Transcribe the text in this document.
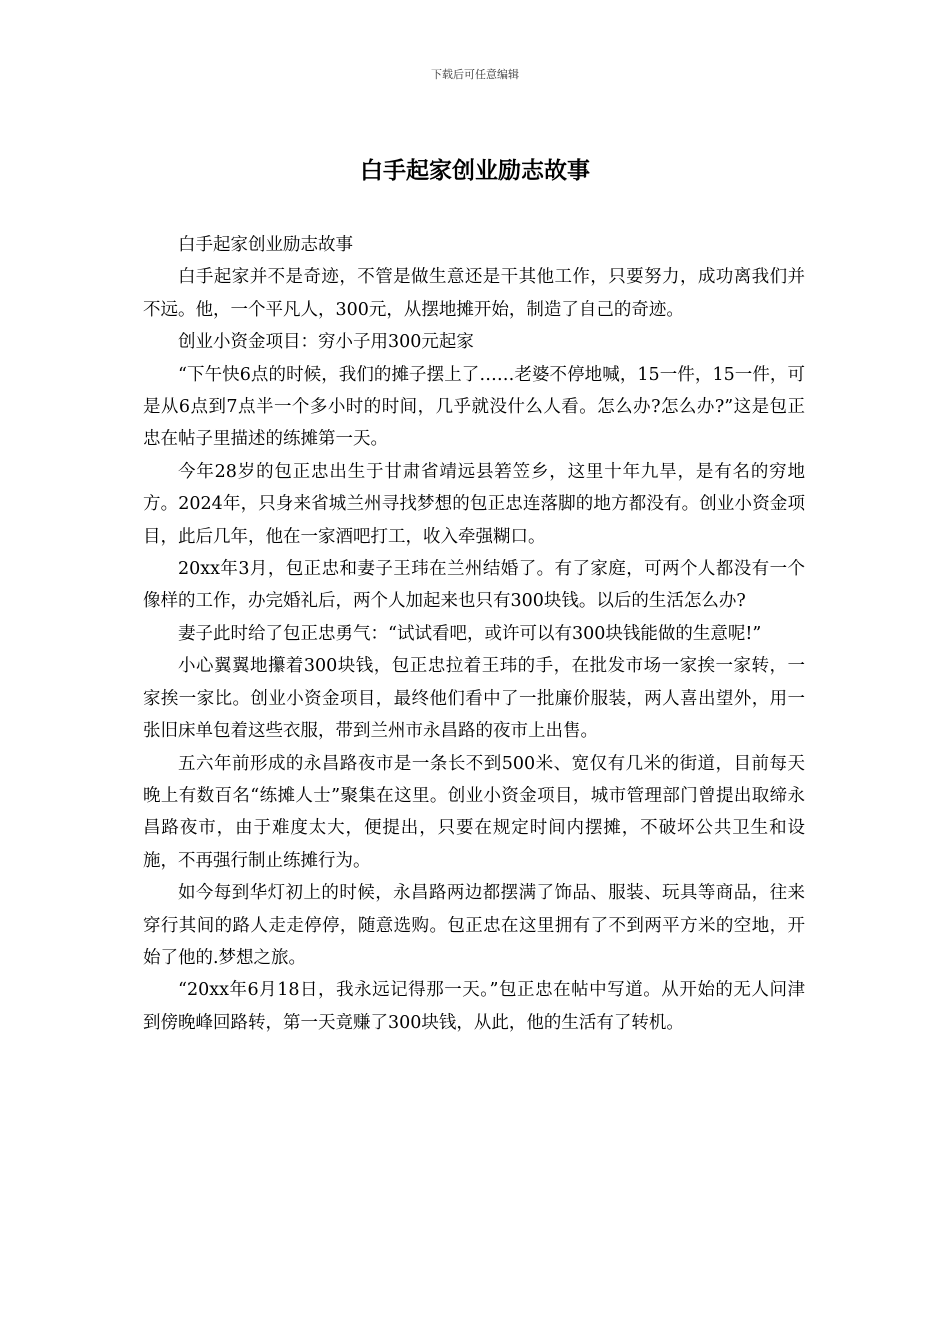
下载后可任意编辑
白手起家创业励志故事

白手起家创业励志故事

白手起家并不是奇迹，不管是做生意还是干其他工作，只要努力，成功离我们并不远。他，一个平凡人，300元，从摆地摊开始，制造了自己的奇迹。

创业小资金项目：穷小子用300元起家

“下午快6点的时候，我们的摊子摆上了……老婆不停地喊，15一件，15一件，可是从6点到7点半一个多小时的时间，几乎就没什么人看。怎么办?怎么办?”这是包正忠在帖子里描述的练摊第一天。

今年28岁的包正忠出生于甘肃省靖远县箬笠乡，这里十年九旱，是有名的穷地方。2024年，只身来省城兰州寻找梦想的包正忠连落脚的地方都没有。创业小资金项目，此后几年，他在一家酒吧打工，收入牵强糊口。

20xx年3月，包正忠和妻子王玮在兰州结婚了。有了家庭，可两个人都没有一个像样的工作，办完婚礼后，两个人加起来也只有300块钱。以后的生活怎么办?

妻子此时给了包正忠勇气：“试试看吧，或许可以有300块钱能做的生意呢!”

小心翼翼地攥着300块钱，包正忠拉着王玮的手，在批发市场一家挨一家转，一家挨一家比。创业小资金项目，最终他们看中了一批廉价服装，两人喜出望外，用一张旧床单包着这些衣服，带到兰州市永昌路的夜市上出售。

五六年前形成的永昌路夜市是一条长不到500米、宽仅有几米的街道，目前每天晚上有数百名“练摊人士”聚集在这里。创业小资金项目，城市管理部门曾提出取缔永昌路夜市，由于难度太大，便提出，只要在规定时间内摆摊，不破坏公共卫生和设施，不再强行制止练摊行为。

如今每到华灯初上的时候，永昌路两边都摆满了饰品、服装、玩具等商品，往来穿行其间的路人走走停停，随意选购。包正忠在这里拥有了不到两平方米的空地，开始了他的.梦想之旅。

“20xx年6月18日，我永远记得那一天。”包正忠在帖中写道。从开始的无人问津到傍晚峰回路转，第一天竟赚了300块钱，从此，他的生活有了转机。
